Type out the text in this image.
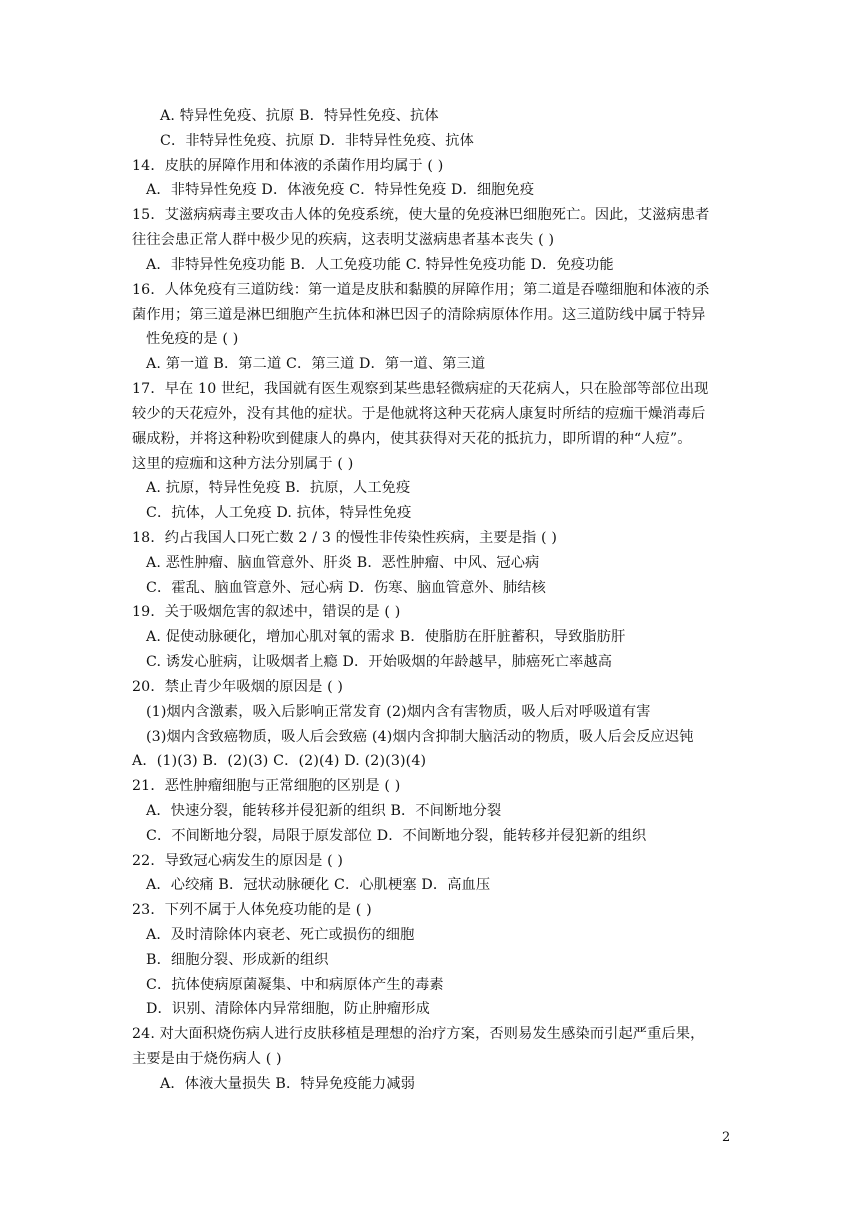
A. 特异性免疫、抗原 B．特异性免疫、抗体
C．非特异性免疫、抗原 D．非特异性免疫、抗体
14．皮肤的屏障作用和体液的杀菌作用均属于 ( )
A．非特异性免疫 D．体液免疫 C．特异性免疫 D．细胞免疫
15．艾滋病病毒主要攻击人体的免疫系统，使大量的免疫淋巴细胞死亡。因此，艾滋病患者
往往会患正常人群中极少见的疾病，这表明艾滋病患者基本丧失 ( )
A．非特异性免疫功能 B．人工免疫功能 C. 特异性免疫功能 D．免疫功能
16．人体免疫有三道防线：第一道是皮肤和黏膜的屏障作用；第二道是吞噬细胞和体液的杀
菌作用；第三道是淋巴细胞产生抗体和淋巴因子的清除病原体作用。这三道防线中属于特异
性免疫的是 ( )
A. 第一道 B．第二道 C．第三道 D．第一道、第三道
17．早在 10 世纪，我国就有医生观察到某些患轻微病症的天花病人，只在脸部等部位出现
较少的天花痘外，没有其他的症状。于是他就将这种天花病人康复时所结的痘痂干燥消毒后
碾成粉，并将这种粉吹到健康人的鼻内，使其获得对天花的抵抗力，即所谓的种“人痘”。
这里的痘痂和这种方法分别属于 ( )
A. 抗原，特异性免疫 B．抗原，人工免疫
C．抗体，人工免疫 D. 抗体，特异性免疫
18．约占我国人口死亡数 2 / 3 的慢性非传染性疾病，主要是指 ( )
A. 恶性肿瘤、脑血管意外、肝炎 B．恶性肿瘤、中风、冠心病
C．霍乱、脑血管意外、冠心病 D．伤寒、脑血管意外、肺结核
19．关于吸烟危害的叙述中，错误的是 ( )
A. 促使动脉硬化，增加心肌对氧的需求 B．使脂肪在肝脏蓄积，导致脂肪肝
C. 诱发心脏病，让吸烟者上瘾 D．开始吸烟的年龄越早，肺癌死亡率越高
20．禁止青少年吸烟的原因是 ( )
(1)烟内含激素，吸入后影响正常发育 (2)烟内含有害物质，吸人后对呼吸道有害
(3)烟内含致癌物质，吸人后会致癌 (4)烟内含抑制大脑活动的物质，吸人后会反应迟钝
A．(1)(3) B．(2)(3) C．(2)(4) D. (2)(3)(4)
21．恶性肿瘤细胞与正常细胞的区别是 ( )
A．快速分裂，能转移并侵犯新的组织 B．不间断地分裂
C．不间断地分裂，局限于原发部位 D．不间断地分裂，能转移并侵犯新的组织
22．导致冠心病发生的原因是 ( )
A．心绞痛 B．冠状动脉硬化 C．心肌梗塞 D．高血压
23．下列不属于人体免疫功能的是 ( )
A．及时清除体内衰老、死亡或损伤的细胞
B．细胞分裂、形成新的组织
C．抗体使病原菌凝集、中和病原体产生的毒素
D．识别、清除体内异常细胞，防止肿瘤形成
24. 对大面积烧伤病人进行皮肤移植是理想的治疗方案，否则易发生感染而引起严重后果，
主要是由于烧伤病人 ( )
A．体液大量损失 B．特异免疫能力减弱
2
